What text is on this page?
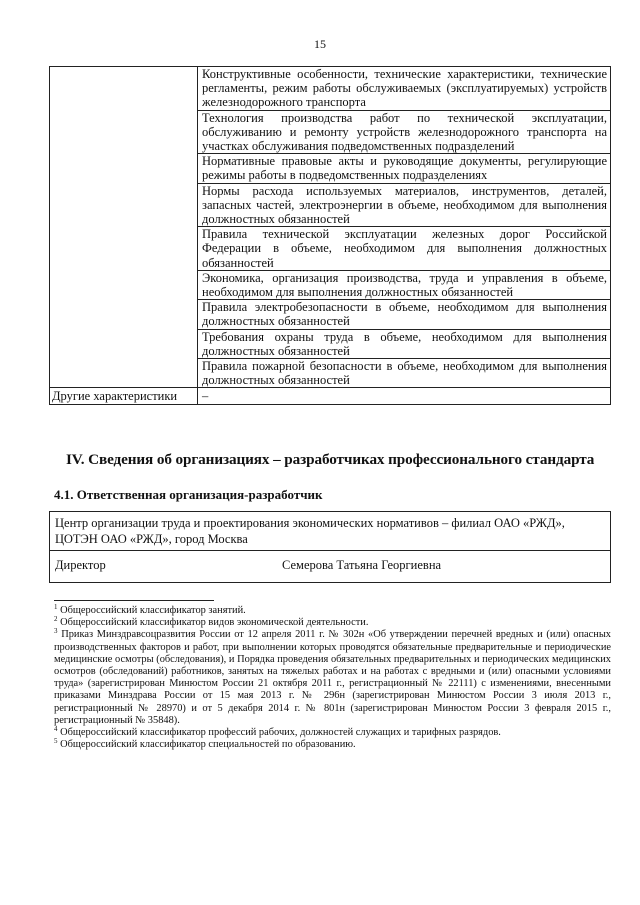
15
	Конструктивные особенности, технические характеристики, технические регламенты, режим работы обслуживаемых (эксплуатируемых) устройств железнодорожного транспорта
	Технология производства работ по технической эксплуатации, обслуживанию и ремонту устройств железнодорожного транспорта на участках обслуживания подведомственных подразделений
	Нормативные правовые акты и руководящие документы, регулирующие режимы работы в подведомственных подразделениях
	Нормы расхода используемых материалов, инструментов, деталей, запасных частей, электроэнергии в объеме, необходимом для выполнения должностных обязанностей
	Правила технической эксплуатации железных дорог Российской Федерации в объеме, необходимом для выполнения должностных обязанностей
	Экономика, организация производства, труда и управления в объеме, необходимом для выполнения должностных обязанностей
	Правила электробезопасности в объеме, необходимом для выполнения должностных обязанностей
	Требования охраны труда в объеме, необходимом для выполнения должностных обязанностей
	Правила пожарной безопасности в объеме, необходимом для выполнения должностных обязанностей
Другие характеристики	–
IV. Сведения об организациях – разработчиках профессионального стандарта
4.1. Ответственная организация-разработчик
Центр организации труда и проектирования экономических нормативов – филиал ОАО «РЖД»,
ЦОТЭН ОАО «РЖД», город Москва

Директор	Семерова Татьяна Георгиевна

$^1$ Общероссийский классификатор занятий.

$^2$ Общероссийский классификатор видов экономической деятельности.

$^3$ Приказ Минздравсоцразвития России от 12 апреля 2011 г. № 302н «Об утверждении перечней вредных и (или) опасных производственных факторов и работ, при выполнении которых проводятся обязательные предварительные и периодические медицинские осмотры (обследования), и Порядка проведения обязательных предварительных и периодических медицинских осмотров (обследований) работников, занятых на тяжелых работах и на работах с вредными и (или) опасными условиями труда» (зарегистрирован Минюстом России 21 октября 2011 г., регистрационный № 22111) с изменениями, внесенными приказами Минздрава России от 15 мая 2013 г. № 296н (зарегистрирован Минюстом России 3 июля 2013 г., регистрационный № 28970) и от 5 декабря 2014 г. № 801н (зарегистрирован Минюстом России 3 февраля 2015 г., регистрационный № 35848).

$^4$ Общероссийский классификатор профессий рабочих, должностей служащих и тарифных разрядов.

$^5$ Общероссийский классификатор специальностей по образованию.
